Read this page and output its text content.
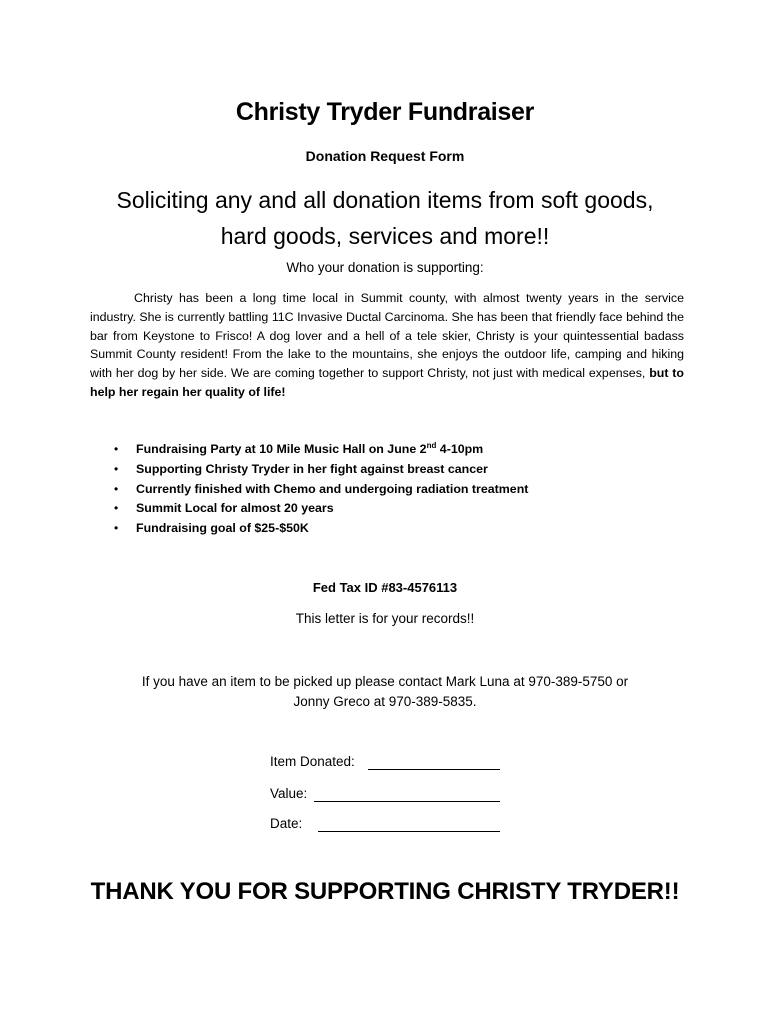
Christy Tryder Fundraiser
Donation Request Form
Soliciting any and all donation items from soft goods,
hard goods, services and more!!
Who your donation is supporting:
Christy has been a long time local in Summit county, with almost twenty years in the service industry. She is currently battling 11C Invasive Ductal Carcinoma. She has been that friendly face behind the bar from Keystone to Frisco! A dog lover and a hell of a tele skier, Christy is your quintessential badass Summit County resident! From the lake to the mountains, she enjoys the outdoor life, camping and hiking with her dog by her side. We are coming together to support Christy, not just with medical expenses, but to help her regain her quality of life!
• Fundraising Party at 10 Mile Music Hall on June 2nd 4-10pm
• Supporting Christy Tryder in her fight against breast cancer
• Currently finished with Chemo and undergoing radiation treatment
• Summit Local for almost 20 years
• Fundraising goal of $25-$50K
Fed Tax ID #83-4576113
This letter is for your records!!
If you have an item to be picked up please contact Mark Luna at 970-389-5750 or
Jonny Greco at 970-389-5835.
Item Donated:
Value:
Date:
THANK YOU FOR SUPPORTING CHRISTY TRYDER!!
